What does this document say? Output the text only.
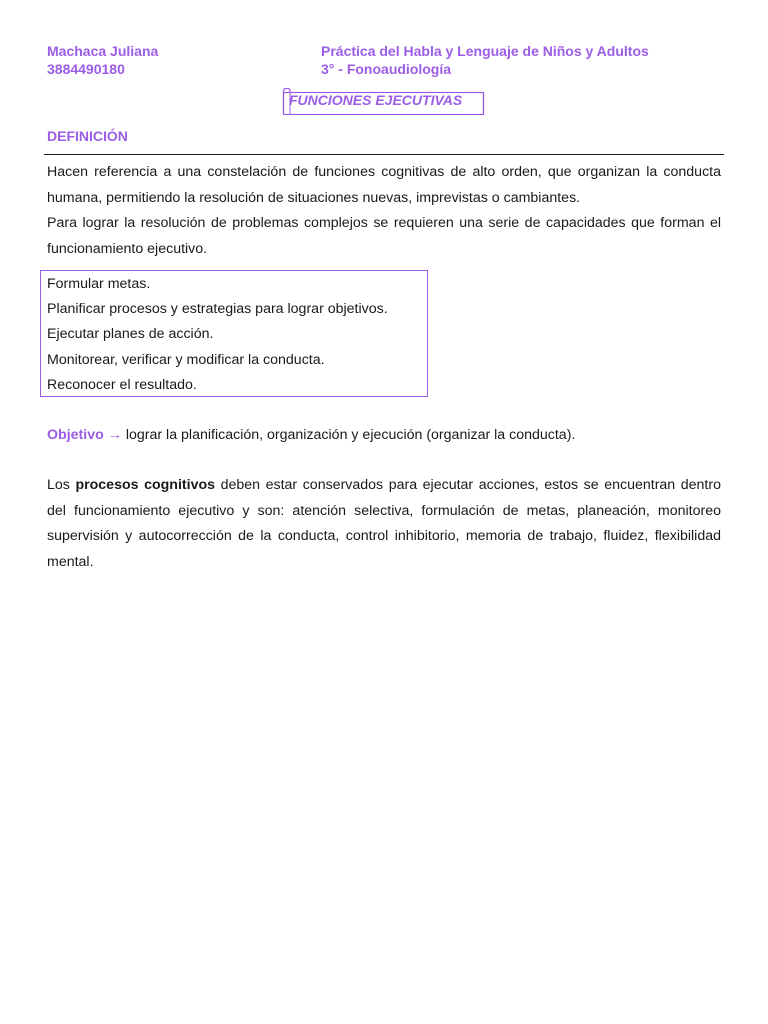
Machaca Juliana
3884490180
Práctica del Habla y Lenguaje de Niños y Adultos
3° - Fonoaudiología
FUNCIONES EJECUTIVAS
DEFINICIÓN
Hacen referencia a una constelación de funciones cognitivas de alto orden, que organizan la conducta humana, permitiendo la resolución de situaciones nuevas, imprevistas o cambiantes.
Para lograr la resolución de problemas complejos se requieren una serie de capacidades que forman el funcionamiento ejecutivo.
Formular metas.
Planificar procesos y estrategias para lograr objetivos.
Ejecutar planes de acción.
Monitorear, verificar y modificar la conducta.
Reconocer el resultado.
Objetivo → lograr la planificación, organización y ejecución (organizar la conducta).
Los procesos cognitivos deben estar conservados para ejecutar acciones, estos se encuentran dentro del funcionamiento ejecutivo y son: atención selectiva, formulación de metas, planeación, monitoreo supervisión y autocorrección de la conducta, control inhibitorio, memoria de trabajo, fluidez, flexibilidad mental.
